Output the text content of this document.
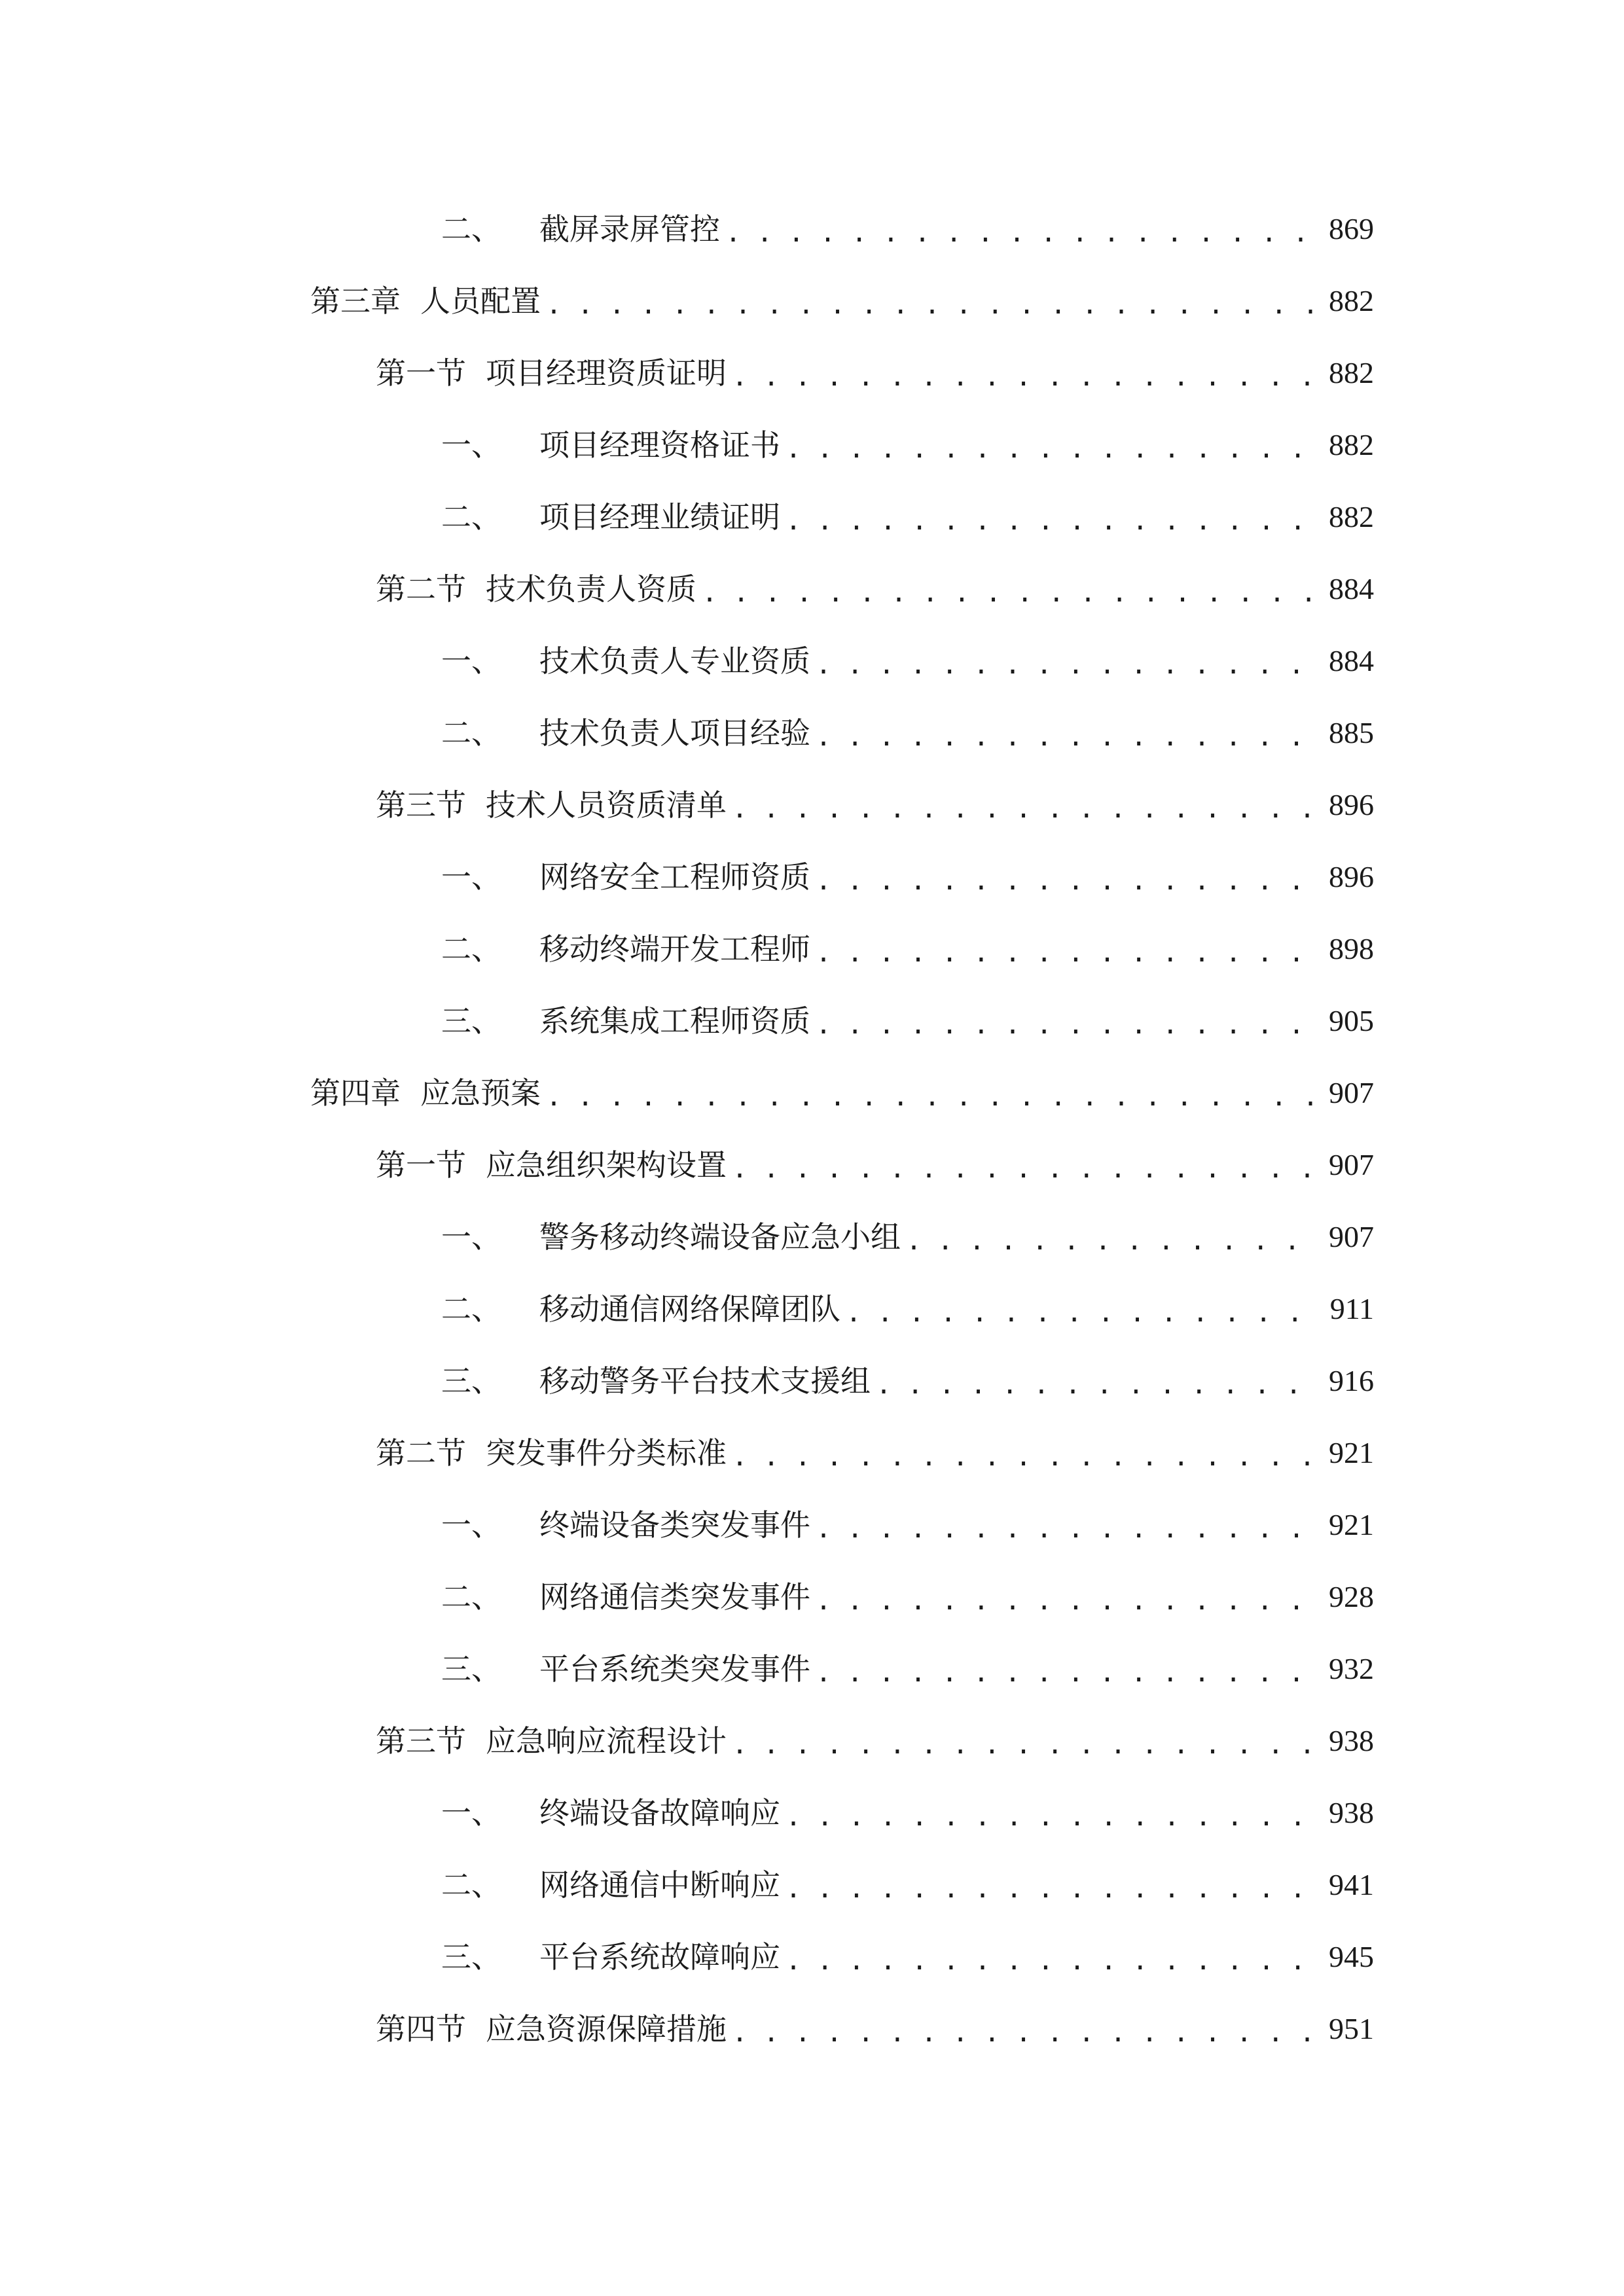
二、 截屏录屏管控 . . .	869
第三章 人员配置 . . .	882
第一节 项目经理资质证明 . . .	882
一、 项目经理资格证书 . . .	882
二、 项目经理业绩证明 . . .	882
第二节 技术负责人资质 . . .	884
一、 技术负责人专业资质 . . .	884
二、 技术负责人项目经验 . . .	885
第三节 技术人员资质清单 . . .	896
一、 网络安全工程师资质 . . .	896
二、 移动终端开发工程师 . . .	898
三、 系统集成工程师资质 . . .	905
第四章 应急预案 . . .	907
第一节 应急组织架构设置 . . .	907
一、 警务移动终端设备应急小组 . . .	907
二、 移动通信网络保障团队 . . .	911
三、 移动警务平台技术支援组 . . .	916
第二节 突发事件分类标准 . . .	921
一、 终端设备类突发事件 . . .	921
二、 网络通信类突发事件 . . .	928
三、 平台系统类突发事件 . . .	932
第三节 应急响应流程设计 . . .	938
一、 终端设备故障响应 . . .	938
二、 网络通信中断响应 . . .	941
三、 平台系统故障响应 . . .	945
第四节 应急资源保障措施 . . .	951
